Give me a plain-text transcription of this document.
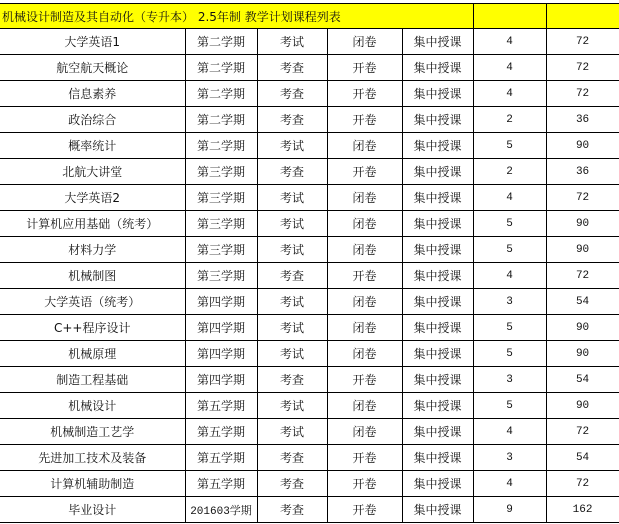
机械设计制造及其自动化（专升本） 2.5年制 教学计划课程列表						
大学英语1	第二学期	考试	闭卷	集中授课	4	72
航空航天概论	第二学期	考查	开卷	集中授课	4	72
信息素养	第二学期	考查	开卷	集中授课	4	72
政治综合	第二学期	考查	开卷	集中授课	2	36
概率统计	第二学期	考试	闭卷	集中授课	5	90
北航大讲堂	第三学期	考查	开卷	集中授课	2	36
大学英语2	第三学期	考试	闭卷	集中授课	4	72
计算机应用基础（统考）	第三学期	考试	闭卷	集中授课	5	90
材料力学	第三学期	考试	闭卷	集中授课	5	90
机械制图	第三学期	考查	开卷	集中授课	4	72
大学英语（统考）	第四学期	考试	闭卷	集中授课	3	54
C++程序设计	第四学期	考试	闭卷	集中授课	5	90
机械原理	第四学期	考试	闭卷	集中授课	5	90
制造工程基础	第四学期	考查	开卷	集中授课	3	54
机械设计	第五学期	考试	闭卷	集中授课	5	90
机械制造工艺学	第五学期	考试	闭卷	集中授课	4	72
先进加工技术及装备	第五学期	考查	开卷	集中授课	3	54
计算机辅助制造	第五学期	考查	开卷	集中授课	4	72
毕业设计	201603学期	考查	开卷	集中授课	9	162
